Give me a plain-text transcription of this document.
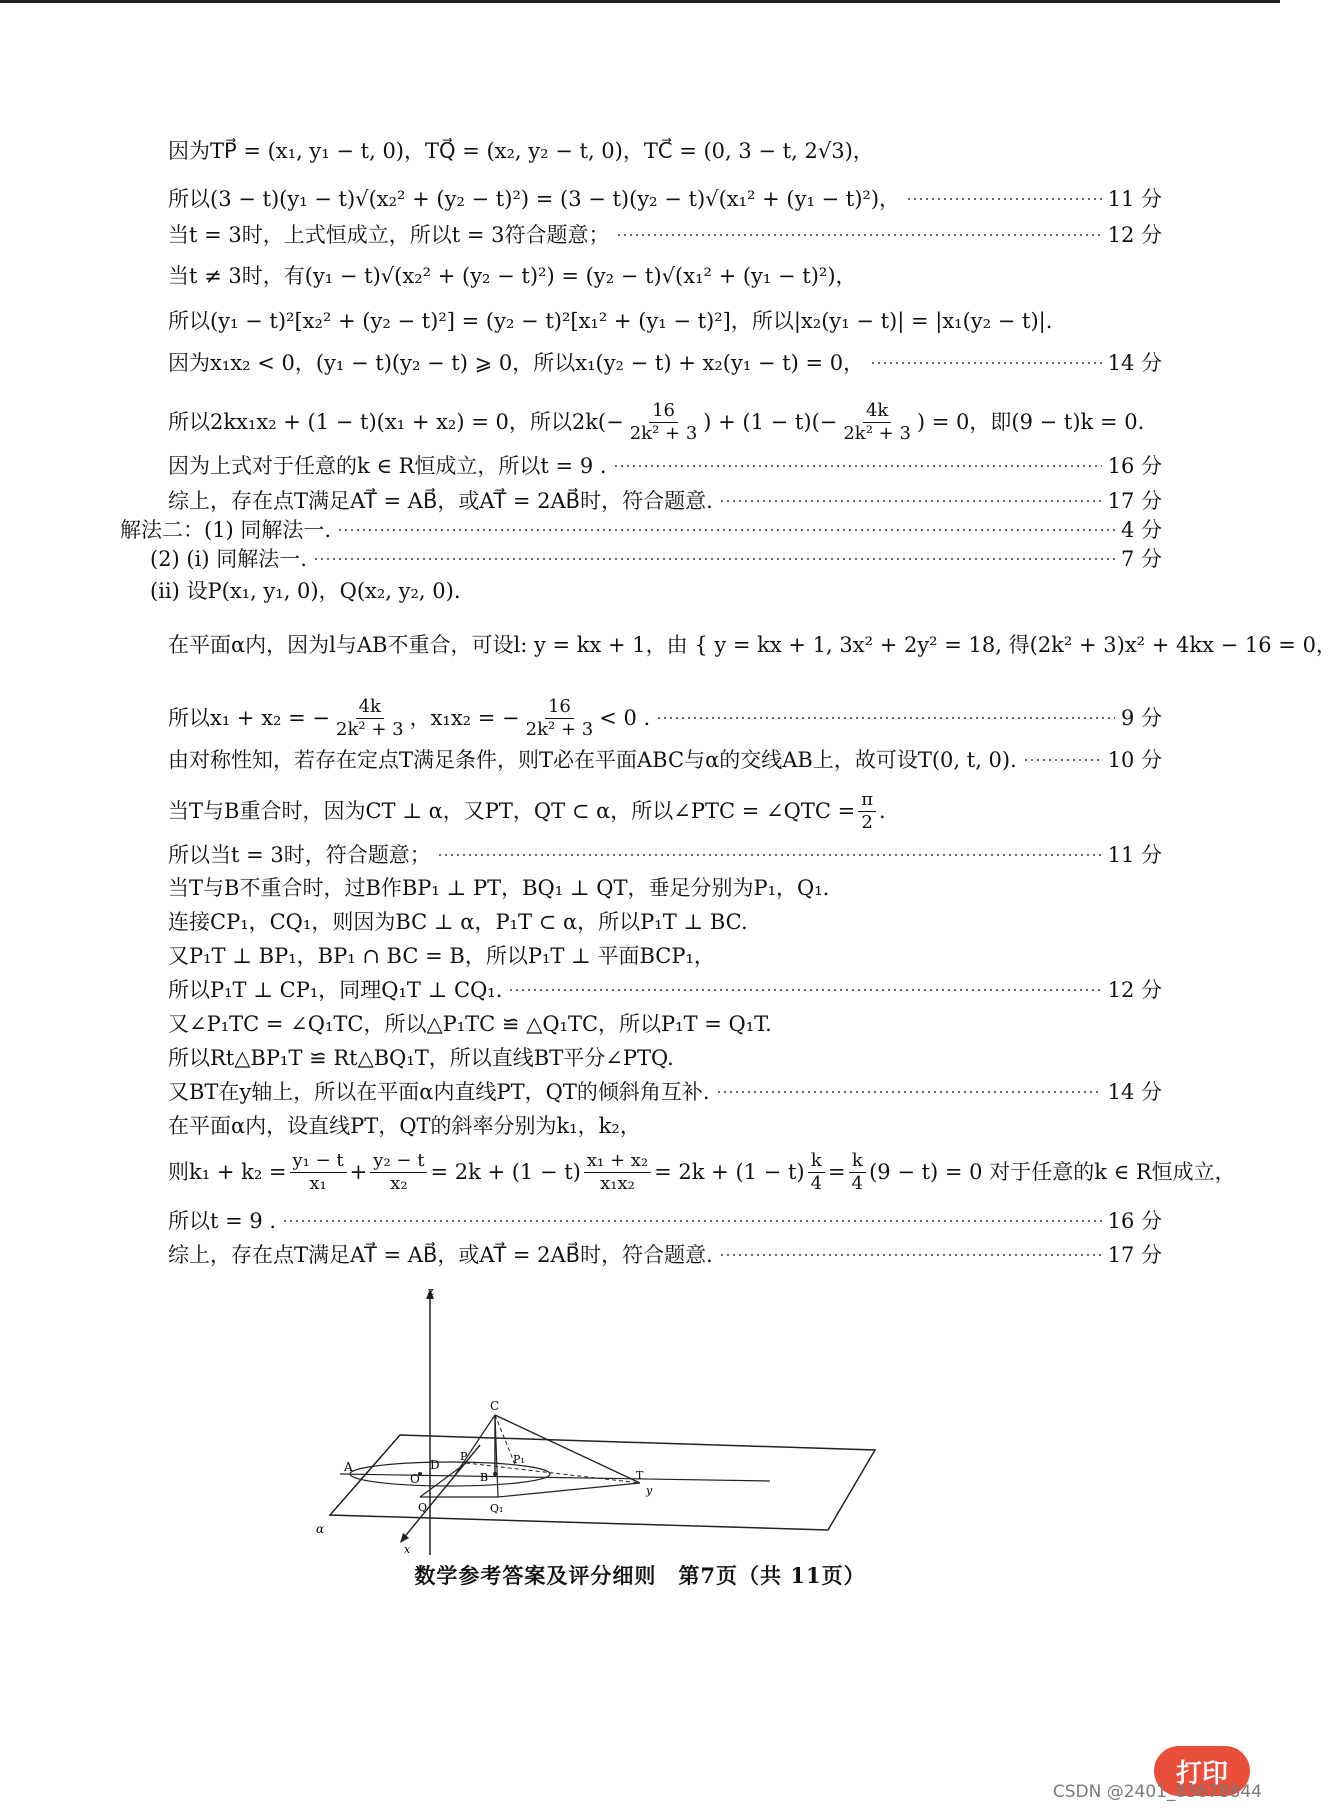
因为TP⃗ = (x₁, y₁ − t, 0)，TQ⃗ = (x₂, y₂ − t, 0)，TC⃗ = (0, 3 − t, 2√3)，
所以(3 − t)(y₁ − t)√(x₂² + (y₂ − t)²) = (3 − t)(y₂ − t)√(x₁² + (y₁ − t)²)，	11 分
当t = 3时，上式恒成立，所以t = 3符合题意；	12 分
当t ≠ 3时，有(y₁ − t)√(x₂² + (y₂ − t)²) = (y₂ − t)√(x₁² + (y₁ − t)²)，
所以(y₁ − t)²[x₂² + (y₂ − t)²] = (y₂ − t)²[x₁² + (y₁ − t)²]，所以|x₂(y₁ − t)| = |x₁(y₂ − t)|.
因为x₁x₂ < 0，(y₁ − t)(y₂ − t) ⩾ 0，所以x₁(y₂ − t) + x₂(y₁ − t) = 0，	14 分
所以2kx₁x₂ + (1 − t)(x₁ + x₂) = 0，所以$2k(- \frac{16}{\text{2k² + 3}}$ ) + $(1 - t)(- \frac{4k}{\text{2k² + 3}}$ ) = 0，即(9 − t)k = 0.
因为上式对于任意的k ∈ R恒成立，所以t = 9 .	16 分
综上，存在点T满足AT⃗ = AB⃗，或AT⃗ = 2AB⃗时，符合题意.	17 分
解法二：(1) 同解法一.	4 分
(2) (i) 同解法一.	7 分
(ii) 设P(x₁, y₁, 0)，Q(x₂, y₂, 0).
在平面α内，因为l与AB不重合，可设l: y = kx + 1，由 { y = kx + 1, 3x² + 2y² = 18, 得(2k² + 3)x² + 4kx − 16 = 0，
所以x₁ + x₂ = − $\frac{4k}{\text{2k² + 3}}$ ，x₁x₂ = − $\frac{16}{\text{2k² + 3}} < 0$ .	9 分
由对称性知，若存在定点T满足条件，则T必在平面ABC与α的交线AB上，故可设T(0, t, 0).	10 分
当T与B重合时，因为CT ⊥ α，又PT，QT ⊂ α，所以∠PTC = ∠QTC = $\frac{\pi}{2}$ .
所以当t = 3时，符合题意；	11 分
当T与B不重合时，过B作BP₁ ⊥ PT，BQ₁ ⊥ QT，垂足分别为P₁，Q₁.
连接CP₁，CQ₁，则因为BC ⊥ α，P₁T ⊂ α，所以P₁T ⊥ BC.
又P₁T ⊥ BP₁，BP₁ ∩ BC = B，所以P₁T ⊥ 平面BCP₁，
所以P₁T ⊥ CP₁，同理Q₁T ⊥ CQ₁.	12 分
又∠P₁TC = ∠Q₁TC，所以△P₁TC ≌ △Q₁TC，所以P₁T = Q₁T.
所以Rt△BP₁T ≌ Rt△BQ₁T，所以直线BT平分∠PTQ.
又BT在y轴上，所以在平面α内直线PT，QT的倾斜角互补.	14 分
在平面α内，设直线PT，QT的斜率分别为k₁，k₂，
则$k_1 + k_2 = \frac{\text{y₁ − t}}{\text{x₁}} + \frac{\text{y₂ − t}}{\text{x₂}} = 2k + (1 - t) \frac{\text{x₁ + x₂}}{\text{x₁x₂}} = 2k + (1 - t) \frac{k}{4} = \frac{k}{4} (9 - t) = 0$ 对于任意的k ∈ R恒成立，
所以t = 9 .	16 分
综上，存在点T满足AT⃗ = AB⃗，或AT⃗ = 2AB⃗时，符合题意.	17 分
z
C
A
O
D
P
B
P₁
Q	Q₁
T
y
x
α
数学参考答案及评分细则　第7页（共 11页）
打印
CSDN @2401_83678844
